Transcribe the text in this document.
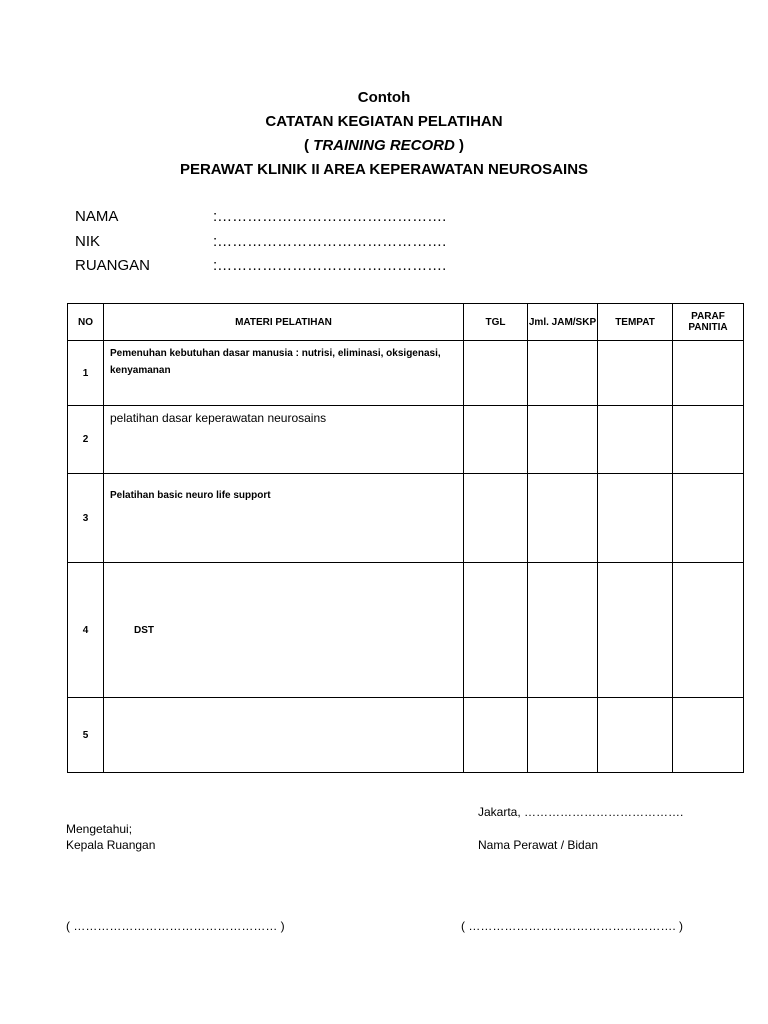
Contoh
CATATAN KEGIATAN PELATIHAN
( TRAINING RECORD )
PERAWAT KLINIK II AREA KEPERAWATAN NEUROSAINS
NAMA	:……………………………………….
NIK	:……………………………………….
RUANGAN	:……………………………………….
NO	MATERI PELATIHAN	TGL	Jml. JAM/SKP	TEMPAT	PARAF PANITIA
1	Pemenuhan kebutuhan dasar manusia : nutrisi, eliminasi, oksigenasi, kenyamanan				
2	pelatihan dasar keperawatan neurosains				
3	Pelatihan basic neuro life support				
4	DST				
5					
Jakarta, ………………………………….
Mengetahui;
Kepala Ruangan	Nama Perawat / Bidan
( …………………………………………… )	( ……………………………………………. )
